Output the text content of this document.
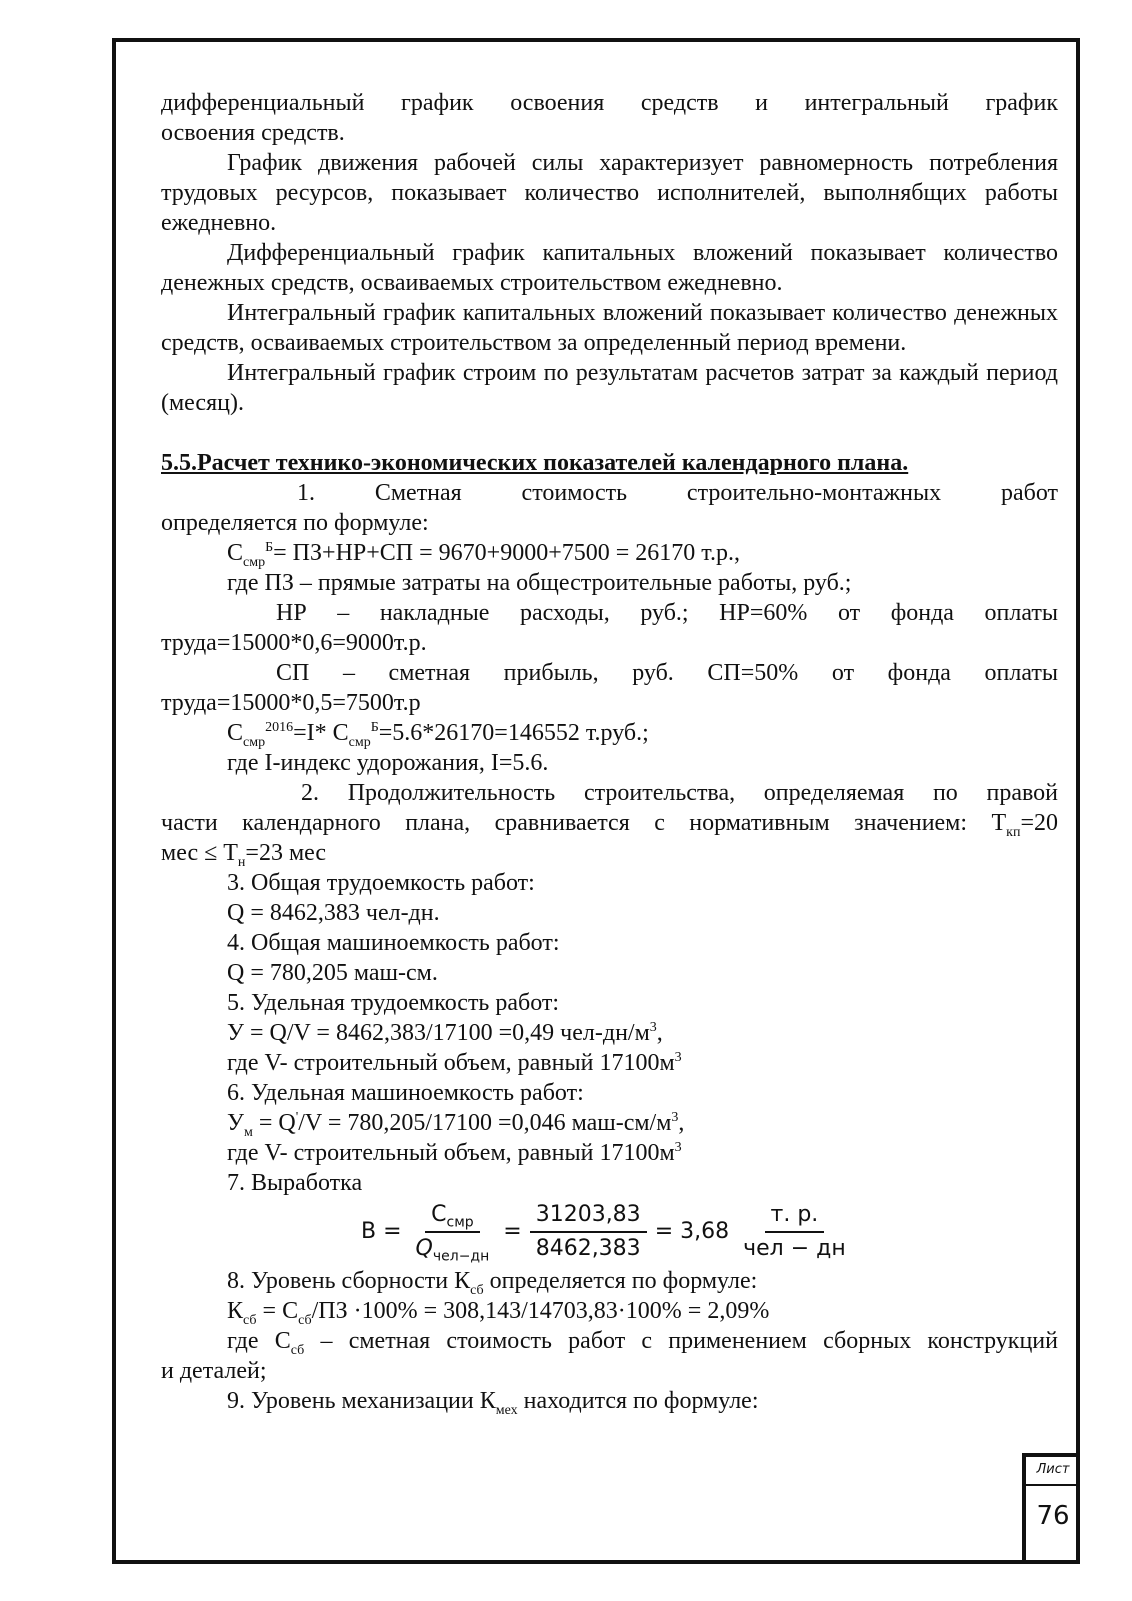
дифференциальный график освоения средств и интегральный график

освоения средств.

График движения рабочей силы характеризует равномерность потребления трудовых ресурсов, показывает количество исполнителей, выполнябщих работы ежедневно.

Дифференциальный график капитальных вложений показывает количество денежных средств, осваиваемых строительством ежедневно.

Интегральный график капитальных вложений показывает количество денежных средств, осваиваемых строительством за определенный период времени.

Интегральный график строим по результатам расчетов затрат за каждый период (месяц).

5.5.Расчет технико-экономических показателей календарного плана.

1. Сметная стоимость строительно-монтажных работ

определяется по формуле:

$С_{смр}^Б= ПЗ+НР+СП = 9670+9000+7500 = 26170$ т.р.,

где ПЗ – прямые затраты на общестроительные работы, руб.;

НР – накладные расходы, руб.; НР=60% от фонда оплаты

труда=15000*0,6=9000т.р.

СП – сметная прибыль, руб. СП=50% от фонда оплаты

труда=15000*0,5=7500т.р

$С_{смр}^{2016}=I*$ $С_{смр}^Б=5.6*26170=146552$ т.руб.;

где I-индекс удорожания, I=5.6.

2. Продолжительность строительства, определяемая по правой

части календарного плана, сравнивается с нормативным значением: $Т_{кп}=20$

мес ≤ $Т_н=23$ мес

3. Общая трудоемкость работ:

Q = 8462,383 чел-дн.

4. Общая машиноемкость работ:

Q = 780,205 маш-см.

5. Удельная трудоемкость работ:

У = Q/V = 8462,383/17100 =0,49 чел-$дн/м^3$,

где V- строительный объем, равный $17100м^3$

6. Удельная машиноемкость работ:

$У_м = Q'/V = 780,205/17100 =0,046$ маш-$см/м^3$,

где V- строительный объем, равный $17100м^3$

7. Выработка

$В = \frac{С_{смр}}{Q_{чел-дн}} = \frac{31203,83}{8462,383} = 3,68 \frac{т. р.}{\text{чел − дн}}$

8. Уровень сборности $К_{сб}$ определяется по формуле:

$К_{сб} = С_{сб}/ПЗ \cdot 100\% = 308,143/14703,83\cdot 100\% = 2,09\%$

где $С_{сб}$ – сметная стоимость работ с применением сборных конструкций

и деталей;

9. Уровень механизации $К_{мех}$ находится по формуле:

Лист
76
